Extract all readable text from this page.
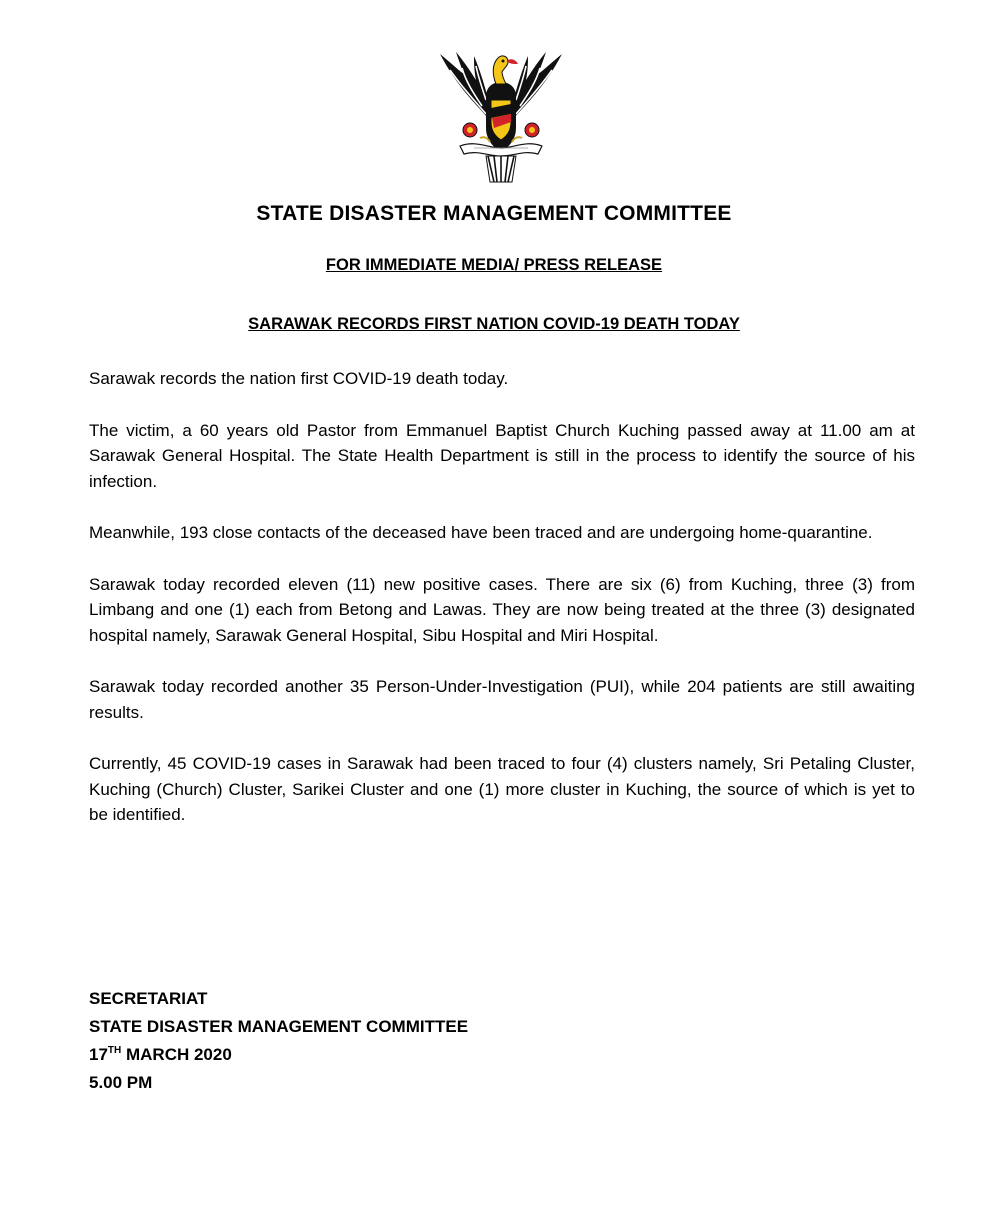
STATE DISASTER MANAGEMENT COMMITTEE
FOR IMMEDIATE MEDIA/ PRESS RELEASE
SARAWAK RECORDS FIRST NATION COVID-19 DEATH TODAY

Sarawak records the nation first COVID-19 death today.

The victim, a 60 years old Pastor from Emmanuel Baptist Church Kuching passed away at 11.00 am at Sarawak General Hospital. The State Health Department is still in the process to identify the source of his infection.

Meanwhile, 193 close contacts of the deceased have been traced and are undergoing home-quarantine.

Sarawak today recorded eleven (11) new positive cases. There are six (6) from Kuching, three (3) from Limbang and one (1) each from Betong and Lawas. They are now being treated at the three (3) designated hospital namely, Sarawak General Hospital, Sibu Hospital and Miri Hospital.

Sarawak today recorded another 35 Person-Under-Investigation (PUI), while 204 patients are still awaiting results.

Currently, 45 COVID-19 cases in Sarawak had been traced to four (4) clusters namely, Sri Petaling Cluster, Kuching (Church) Cluster, Sarikei Cluster and one (1) more cluster in Kuching, the source of which is yet to be identified.

SECRETARIAT
STATE DISASTER MANAGEMENT COMMITTEE
17TH MARCH 2020
5.00 PM
